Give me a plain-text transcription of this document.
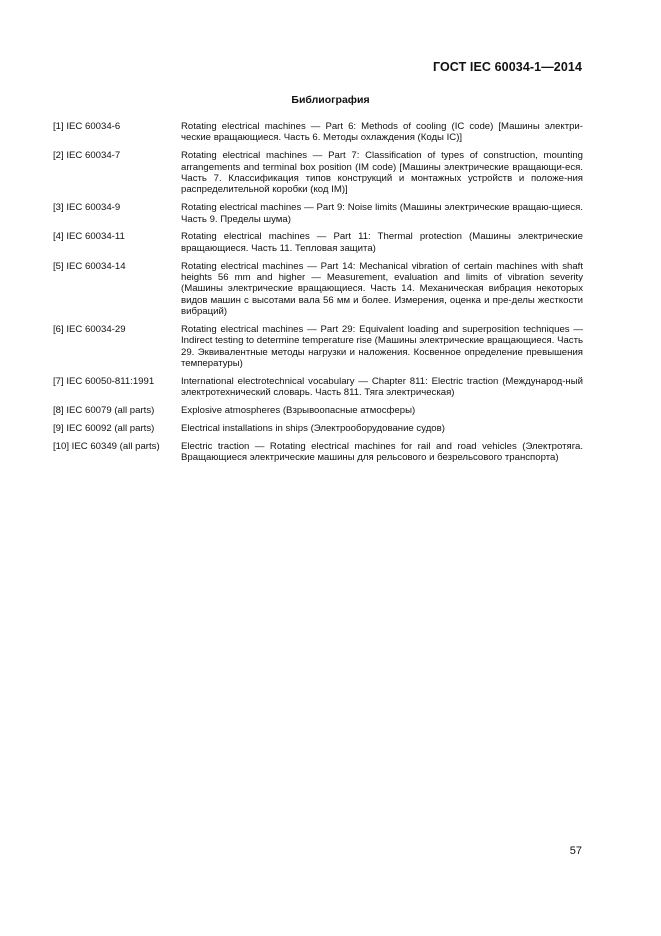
ГОСТ IEC 60034-1—2014
Библиография
[1] IEC 60034-6	Rotating electrical machines — Part 6: Methods of cooling (IC code) [Машины электри-ческие вращающиеся. Часть 6. Методы охлаждения (Коды IC)]
[2] IEC 60034-7	Rotating electrical machines — Part 7: Classification of types of construction, mounting arrangements and terminal box position (IM code) [Машины электрические вращающи-еся. Часть 7. Классификация типов конструкций и монтажных устройств и положе-ния распределительной коробки (код IM)]
[3] IEC 60034-9	Rotating electrical machines — Part 9: Noise limits (Машины электрические вращаю-щиеся. Часть 9. Пределы шума)
[4] IEC 60034-11	Rotating electrical machines — Part 11: Thermal protection (Машины электрические вращающиеся. Часть 11. Тепловая защита)
[5] IEC 60034-14	Rotating electrical machines — Part 14: Mechanical vibration of certain machines with shaft heights 56 mm and higher — Measurement, evaluation and limits of vibration severity (Машины электрические вращающиеся. Часть 14. Механическая вибрация некоторых видов машин с высотами вала 56 мм и более. Измерения, оценка и пре-делы жесткости вибраций)
[6] IEC 60034-29	Rotating electrical machines — Part 29: Equivalent loading and superposition techniques — Indirect testing to determine temperature rise (Машины электрические вращающиеся. Часть 29. Эквивалентные методы нагрузки и наложения. Косвенное определение превышения температуры)
[7] IEC 60050-811:1991	International electrotechnical vocabulary — Chapter 811: Electric traction (Международ-ный электротехнический словарь. Часть 811. Тяга электрическая)
[8] IEC 60079 (all parts)	Explosive atmospheres (Взрывоопасные атмосферы)
[9] IEC 60092 (all parts)	Electrical installations in ships (Электрооборудование судов)
[10] IEC 60349 (all parts)	Electric traction — Rotating electrical machines for rail and road vehicles (Электротяга. Вращающиеся электрические машины для рельсового и безрельсового транспорта)
57
